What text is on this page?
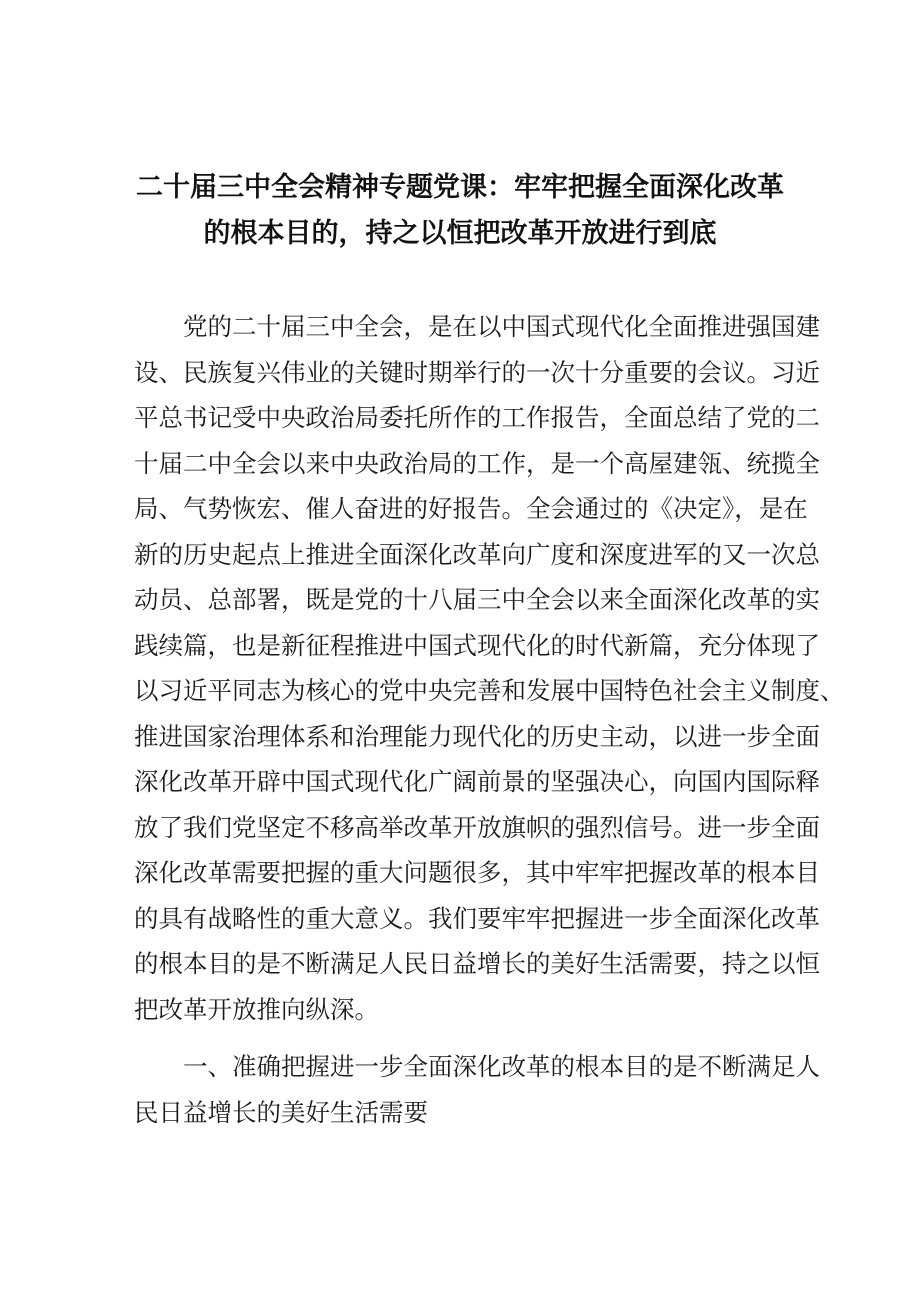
二十届三中全会精神专题党课：牢牢把握全面深化改革
的根本目的，持之以恒把改革开放进行到底
　　党的二十届三中全会，是在以中国式现代化全面推进强国建
设、民族复兴伟业的关键时期举行的一次十分重要的会议。习近
平总书记受中央政治局委托所作的工作报告，全面总结了党的二
十届二中全会以来中央政治局的工作，是一个高屋建瓴、统揽全
局、气势恢宏、催人奋进的好报告。全会通过的《决定》，是在
新的历史起点上推进全面深化改革向广度和深度进军的又一次总
动员、总部署，既是党的十八届三中全会以来全面深化改革的实
践续篇，也是新征程推进中国式现代化的时代新篇，充分体现了
以习近平同志为核心的党中央完善和发展中国特色社会主义制度、
推进国家治理体系和治理能力现代化的历史主动，以进一步全面
深化改革开辟中国式现代化广阔前景的坚强决心，向国内国际释
放了我们党坚定不移高举改革开放旗帜的强烈信号。进一步全面
深化改革需要把握的重大问题很多，其中牢牢把握改革的根本目
的具有战略性的重大意义。我们要牢牢把握进一步全面深化改革
的根本目的是不断满足人民日益增长的美好生活需要，持之以恒
把改革开放推向纵深。
　　一、准确把握进一步全面深化改革的根本目的是不断满足人
民日益增长的美好生活需要
